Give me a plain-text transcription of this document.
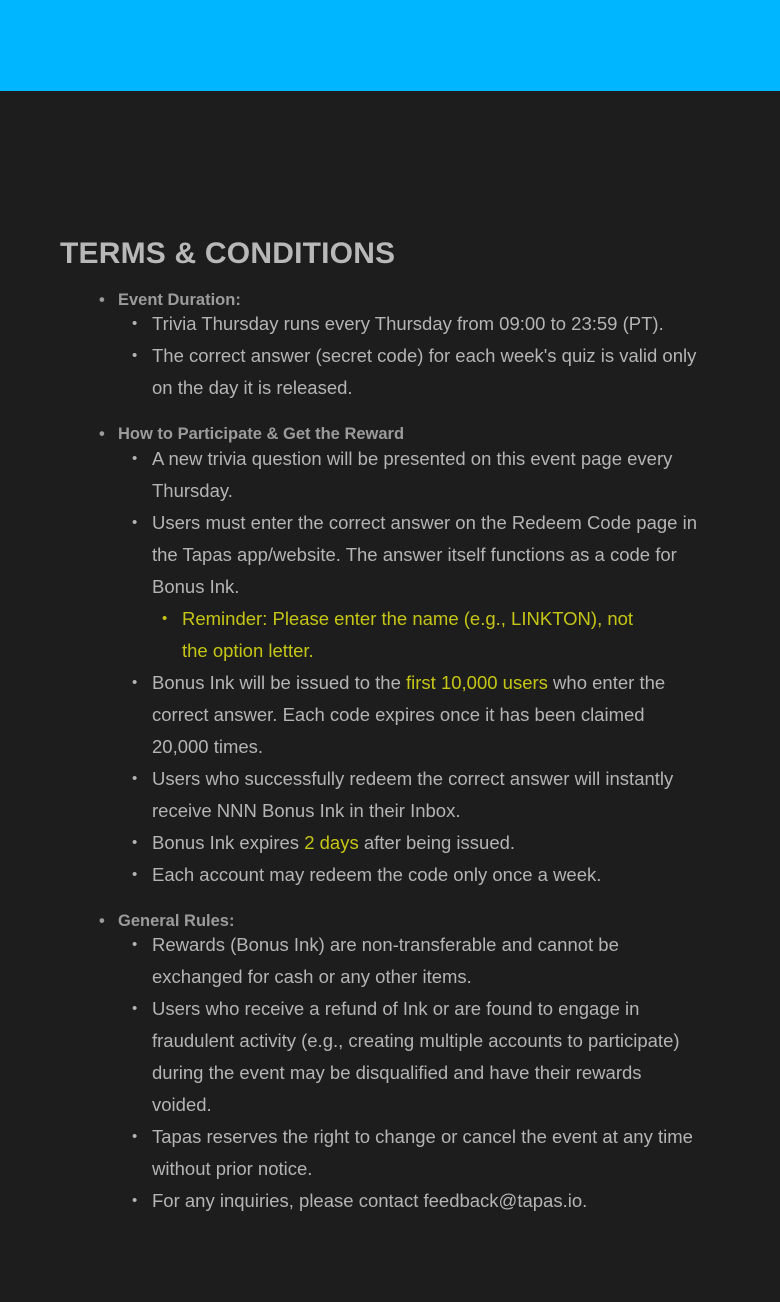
TERMS & CONDITIONS
• Event Duration:
• Trivia Thursday runs every Thursday from 09:00 to 23:59 (PT).
• The correct answer (secret code) for each week's quiz is valid only on the day it is released.
• How to Participate & Get the Reward
• A new trivia question will be presented on this event page every Thursday.
• Users must enter the correct answer on the Redeem Code page in the Tapas app/website. The answer itself functions as a code for Bonus Ink.
• Reminder: Please enter the name (e.g., LINKTON), not the option letter.
• Bonus Ink will be issued to the first 10,000 users who enter the correct answer. Each code expires once it has been claimed 20,000 times.
• Users who successfully redeem the correct answer will instantly receive NNN Bonus Ink in their Inbox.
• Bonus Ink expires 2 days after being issued.
• Each account may redeem the code only once a week.
• General Rules:
• Rewards (Bonus Ink) are non-transferable and cannot be exchanged for cash or any other items.
• Users who receive a refund of Ink or are found to engage in fraudulent activity (e.g., creating multiple accounts to participate) during the event may be disqualified and have their rewards voided.
• Tapas reserves the right to change or cancel the event at any time without prior notice.
• For any inquiries, please contact feedback@tapas.io.
